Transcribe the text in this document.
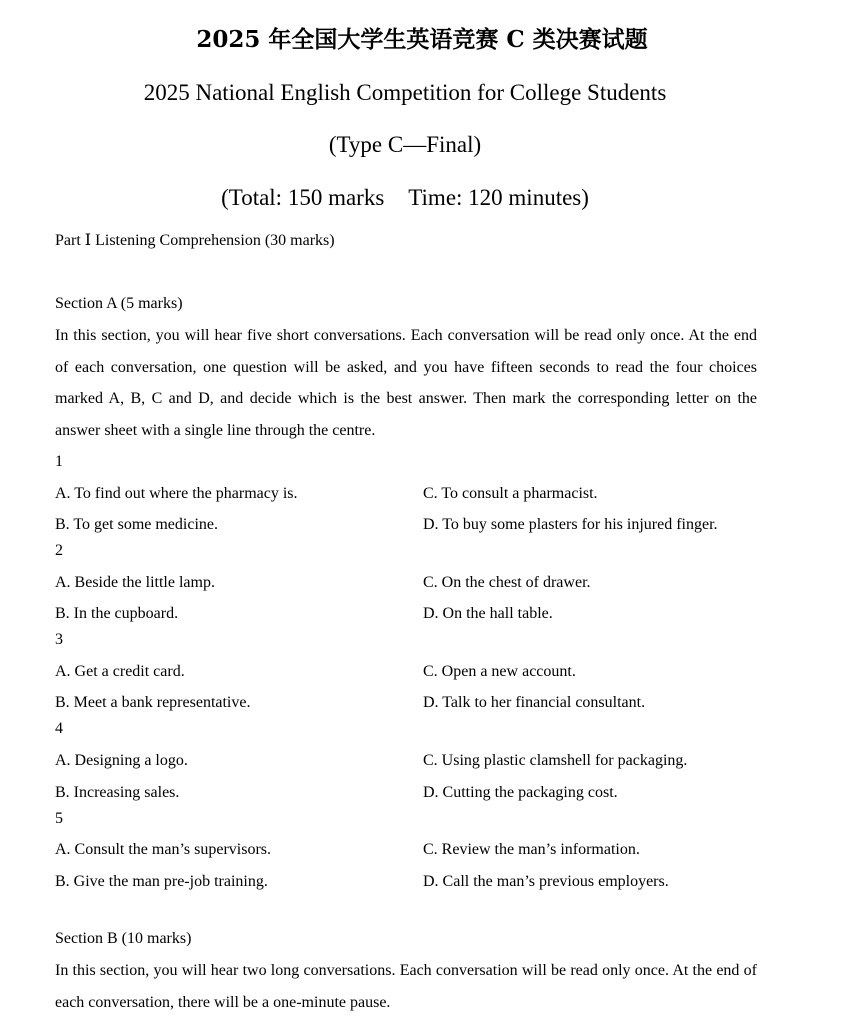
2025 年全国大学生英语竞赛 C 类决赛试题
2025 National English Competition for College Students
(Type C—Final)
(Total: 150 marks Time: 120 minutes)
Part Ⅰ Listening Comprehension (30 marks)
Section A (5 marks)
In this section, you will hear five short conversations. Each conversation will be read only once. At the end of each conversation, one question will be asked, and you have fifteen seconds to read the four choices marked A, B, C and D, and decide which is the best answer. Then mark the corresponding letter on the answer sheet with a single line through the centre.
1
A. To find out where the pharmacy is.	C. To consult a pharmacist.
B. To get some medicine.	D. To buy some plasters for his injured finger.
2
A. Beside the little lamp.	C. On the chest of drawer.
B. In the cupboard.	D. On the hall table.
3
A. Get a credit card.	C. Open a new account.
B. Meet a bank representative.	D. Talk to her financial consultant.
4
A. Designing a logo.	C. Using plastic clamshell for packaging.
B. Increasing sales.	D. Cutting the packaging cost.
5
A. Consult the man’s supervisors.	C. Review the man’s information.
B. Give the man pre-job training.	D. Call the man’s previous employers.
Section B (10 marks)
In this section, you will hear two long conversations. Each conversation will be read only once. At the end of each conversation, there will be a one-minute pause.
